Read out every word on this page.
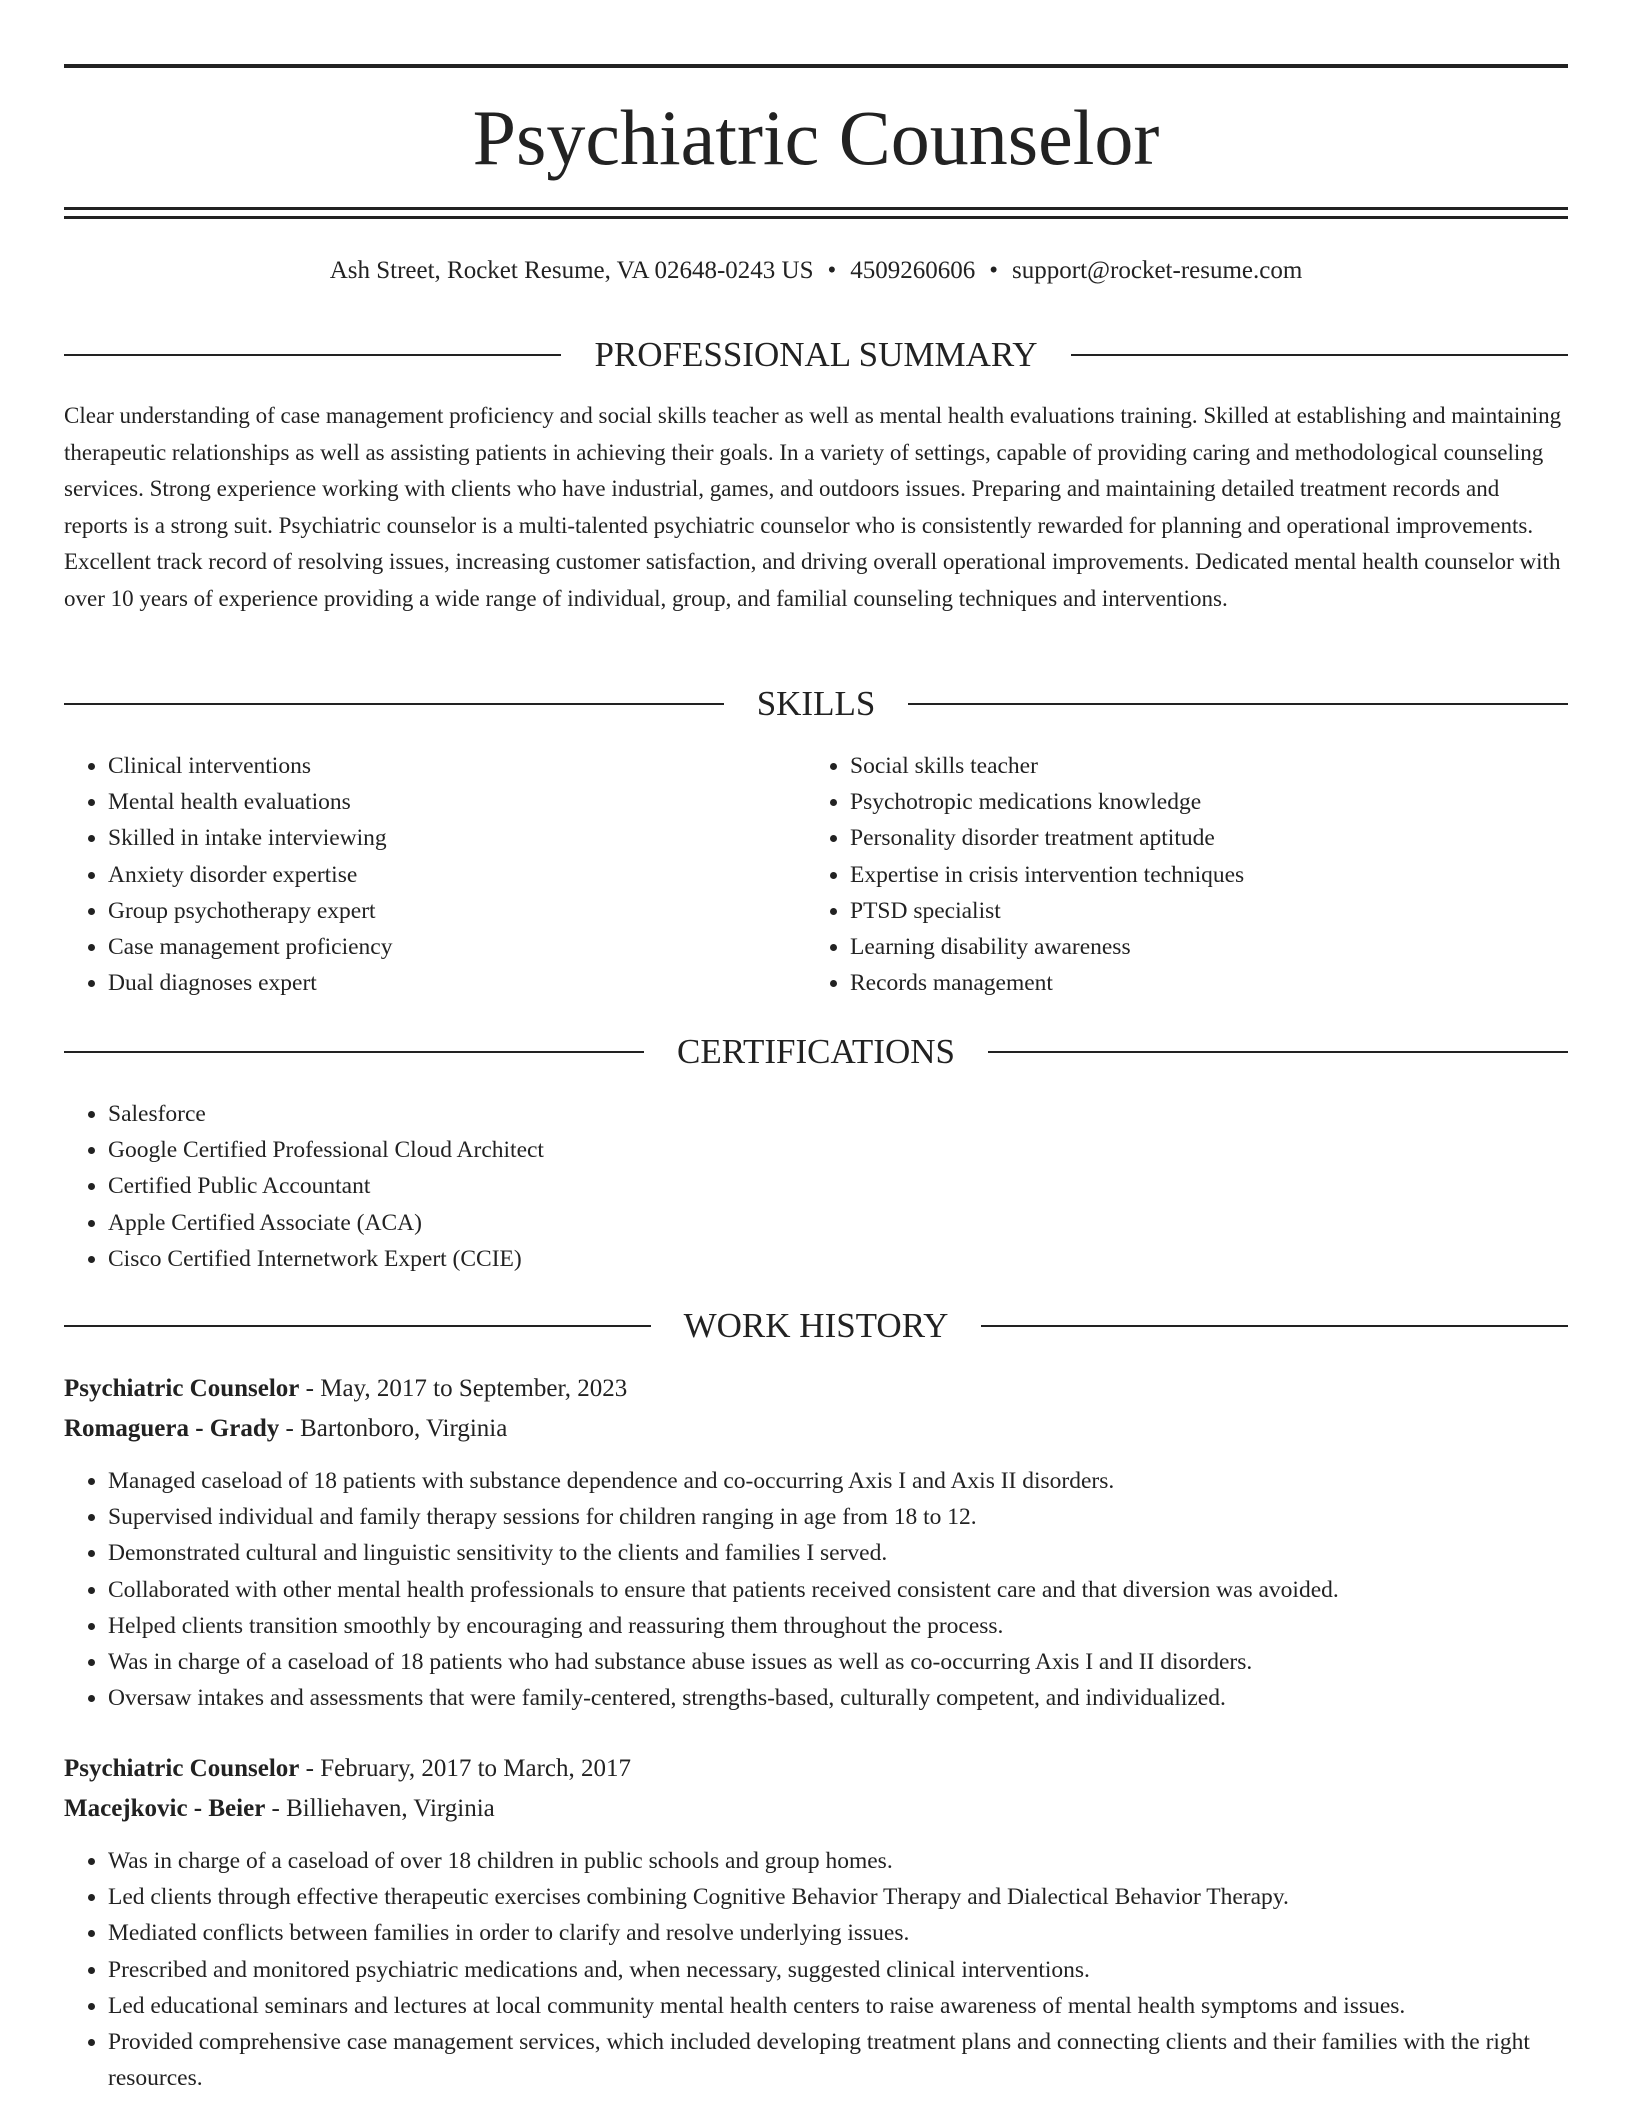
Psychiatric Counselor
Ash Street, Rocket Resume, VA 02648-0243 US • 4509260606 • support@rocket-resume.com
PROFESSIONAL SUMMARY

Clear understanding of case management proficiency and social skills teacher as well as mental health evaluations training. Skilled at establishing and maintaining therapeutic relationships as well as assisting patients in achieving their goals. In a variety of settings, capable of providing caring and methodological counseling services. Strong experience working with clients who have industrial, games, and outdoors issues. Preparing and maintaining detailed treatment records and reports is a strong suit. Psychiatric counselor is a multi-talented psychiatric counselor who is consistently rewarded for planning and operational improvements. Excellent track record of resolving issues, increasing customer satisfaction, and driving overall operational improvements. Dedicated mental health counselor with over 10 years of experience providing a wide range of individual, group, and familial counseling techniques and interventions.

SKILLS
• Clinical interventions
• Mental health evaluations
• Skilled in intake interviewing
• Anxiety disorder expertise
• Group psychotherapy expert
• Case management proficiency
• Dual diagnoses expert
• Social skills teacher
• Psychotropic medications knowledge
• Personality disorder treatment aptitude
• Expertise in crisis intervention techniques
• PTSD specialist
• Learning disability awareness
• Records management
CERTIFICATIONS
• Salesforce
• Google Certified Professional Cloud Architect
• Certified Public Accountant
• Apple Certified Associate (ACA)
• Cisco Certified Internetwork Expert (CCIE)
WORK HISTORY
Psychiatric Counselor - May, 2017 to September, 2023
Romaguera - Grady - Bartonboro, Virginia
• Managed caseload of 18 patients with substance dependence and co-occurring Axis I and Axis II disorders.
• Supervised individual and family therapy sessions for children ranging in age from 18 to 12.
• Demonstrated cultural and linguistic sensitivity to the clients and families I served.
• Collaborated with other mental health professionals to ensure that patients received consistent care and that diversion was avoided.
• Helped clients transition smoothly by encouraging and reassuring them throughout the process.
• Was in charge of a caseload of 18 patients who had substance abuse issues as well as co-occurring Axis I and II disorders.
• Oversaw intakes and assessments that were family-centered, strengths-based, culturally competent, and individualized.
Psychiatric Counselor - February, 2017 to March, 2017
Macejkovic - Beier - Billiehaven, Virginia
• Was in charge of a caseload of over 18 children in public schools and group homes.
• Led clients through effective therapeutic exercises combining Cognitive Behavior Therapy and Dialectical Behavior Therapy.
• Mediated conflicts between families in order to clarify and resolve underlying issues.
• Prescribed and monitored psychiatric medications and, when necessary, suggested clinical interventions.
• Led educational seminars and lectures at local community mental health centers to raise awareness of mental health symptoms and issues.
• Provided comprehensive case management services, which included developing treatment plans and connecting clients and their families with the right resources.
